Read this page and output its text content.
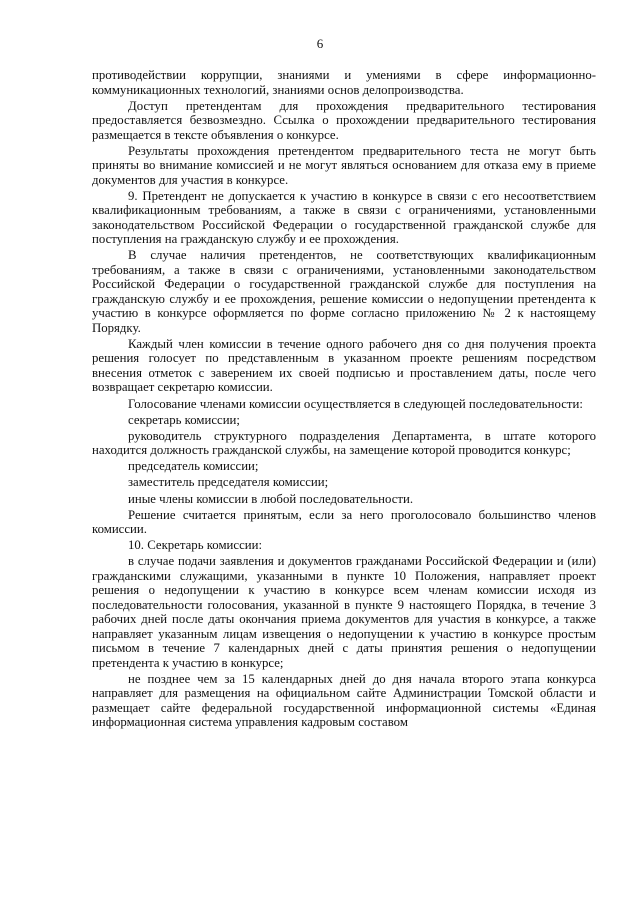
6

противодействии коррупции, знаниями и умениями в сфере информационно-коммуникационных технологий, знаниями основ делопроизводства.

Доступ претендентам для прохождения предварительного тестирования предоставляется безвозмездно. Ссылка о прохождении предварительного тестирования размещается в тексте объявления о конкурсе.

Результаты прохождения претендентом предварительного теста не могут быть приняты во внимание комиссией и не могут являться основанием для отказа ему в приеме документов для участия в конкурсе.

9. Претендент не допускается к участию в конкурсе в связи с его несоответствием квалификационным требованиям, а также в связи с ограничениями, установленными законодательством Российской Федерации о государственной гражданской службе для поступления на гражданскую службу и ее прохождения.

В случае наличия претендентов, не соответствующих квалификационным требованиям, а также в связи с ограничениями, установленными законодательством Российской Федерации о государственной гражданской службе для поступления на гражданскую службу и ее прохождения, решение комиссии о недопущении претендента к участию в конкурсе оформляется по форме согласно приложению № 2 к настоящему Порядку.

Каждый член комиссии в течение одного рабочего дня со дня получения проекта решения голосует по представленным в указанном проекте решениям посредством внесения отметок с заверением их своей подписью и проставлением даты, после чего возвращает секретарю комиссии.

Голосование членами комиссии осуществляется в следующей последовательности:

секретарь комиссии;

руководитель структурного подразделения Департамента, в штате которого находится должность гражданской службы, на замещение которой проводится конкурс;

председатель комиссии;

заместитель председателя комиссии;

иные члены комиссии в любой последовательности.

Решение считается принятым, если за него проголосовало большинство членов комиссии.

10. Секретарь комиссии:

в случае подачи заявления и документов гражданами Российской Федерации и (или) гражданскими служащими, указанными в пункте 10 Положения, направляет проект решения о недопущении к участию в конкурсе всем членам комиссии исходя из последовательности голосования, указанной в пункте 9 настоящего Порядка, в течение 3 рабочих дней после даты окончания приема документов для участия в конкурсе, а также направляет указанным лицам извещения о недопущении к участию в конкурсе простым письмом в течение 7 календарных дней с даты принятия решения о недопущении претендента к участию в конкурсе;

не позднее чем за 15 календарных дней до дня начала второго этапа конкурса направляет для размещения на официальном сайте Администрации Томской области и размещает сайте федеральной государственной информационной системы «Единая информационная система управления кадровым составом
